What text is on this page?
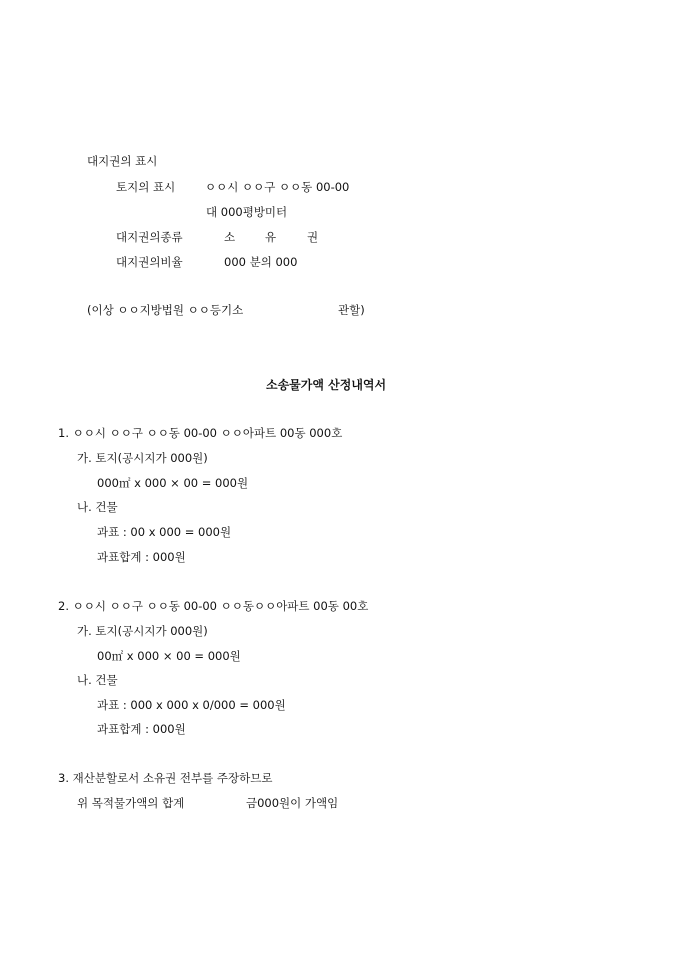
대지권의 표시
토지의 표시	ㅇㅇ시 ㅇㅇ구 ㅇㅇ동 00-00
대 000평방미터
대지권의종류	소	유	권
대지권의비율	000 분의 000
(이상 ㅇㅇ지방법원 ㅇㅇ등기소	관할)
소송물가액 산정내역서
1. ㅇㅇ시 ㅇㅇ구 ㅇㅇ동 00-00 ㅇㅇ아파트 00동 000호
가. 토지(공시지가 000원)
000㎡ x 000 × 00 = 000원
나. 건물
과표 : 00 x 000 = 000원
과표합계 : 000원
2. ㅇㅇ시 ㅇㅇ구 ㅇㅇ동 00-00 ㅇㅇ동ㅇㅇ아파트 00동 00호
가. 토지(공시지가 000원)
00㎡ x 000 × 00 = 000원
나. 건물
과표 : 000 x 000 x 0/000 = 000원
과표합계 : 000원
3. 재산분할로서 소유권 전부를 주장하므로
위 목적물가액의 합계	금000원이 가액임
